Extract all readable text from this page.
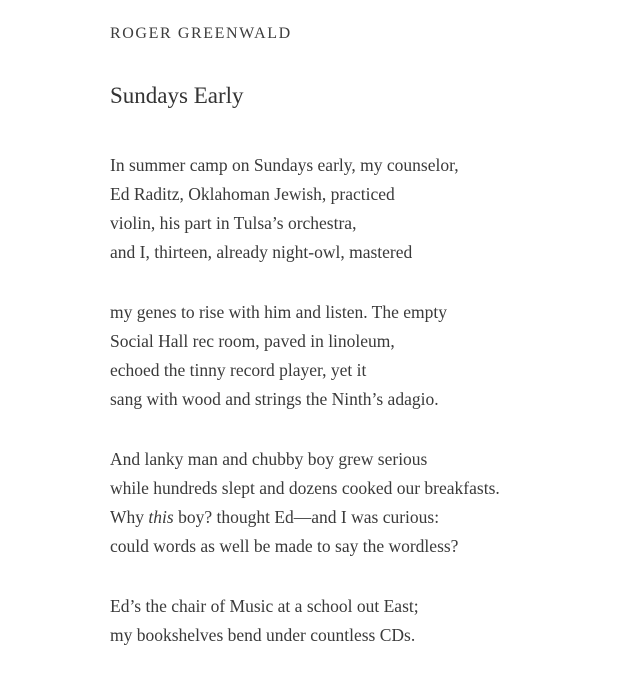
ROGER GREENWALD
Sundays Early
In summer camp on Sundays early, my counselor,
Ed Raditz, Oklahoman Jewish, practiced
violin, his part in Tulsa’s orchestra,
and I, thirteen, already night-owl, mastered
my genes to rise with him and listen. The empty
Social Hall rec room, paved in linoleum,
echoed the tinny record player, yet it
sang with wood and strings the Ninth’s adagio.
And lanky man and chubby boy grew serious
while hundreds slept and dozens cooked our breakfasts.
Why this boy? thought Ed—and I was curious:
could words as well be made to say the wordless?
Ed’s the chair of Music at a school out East;
my bookshelves bend under countless CDs.
